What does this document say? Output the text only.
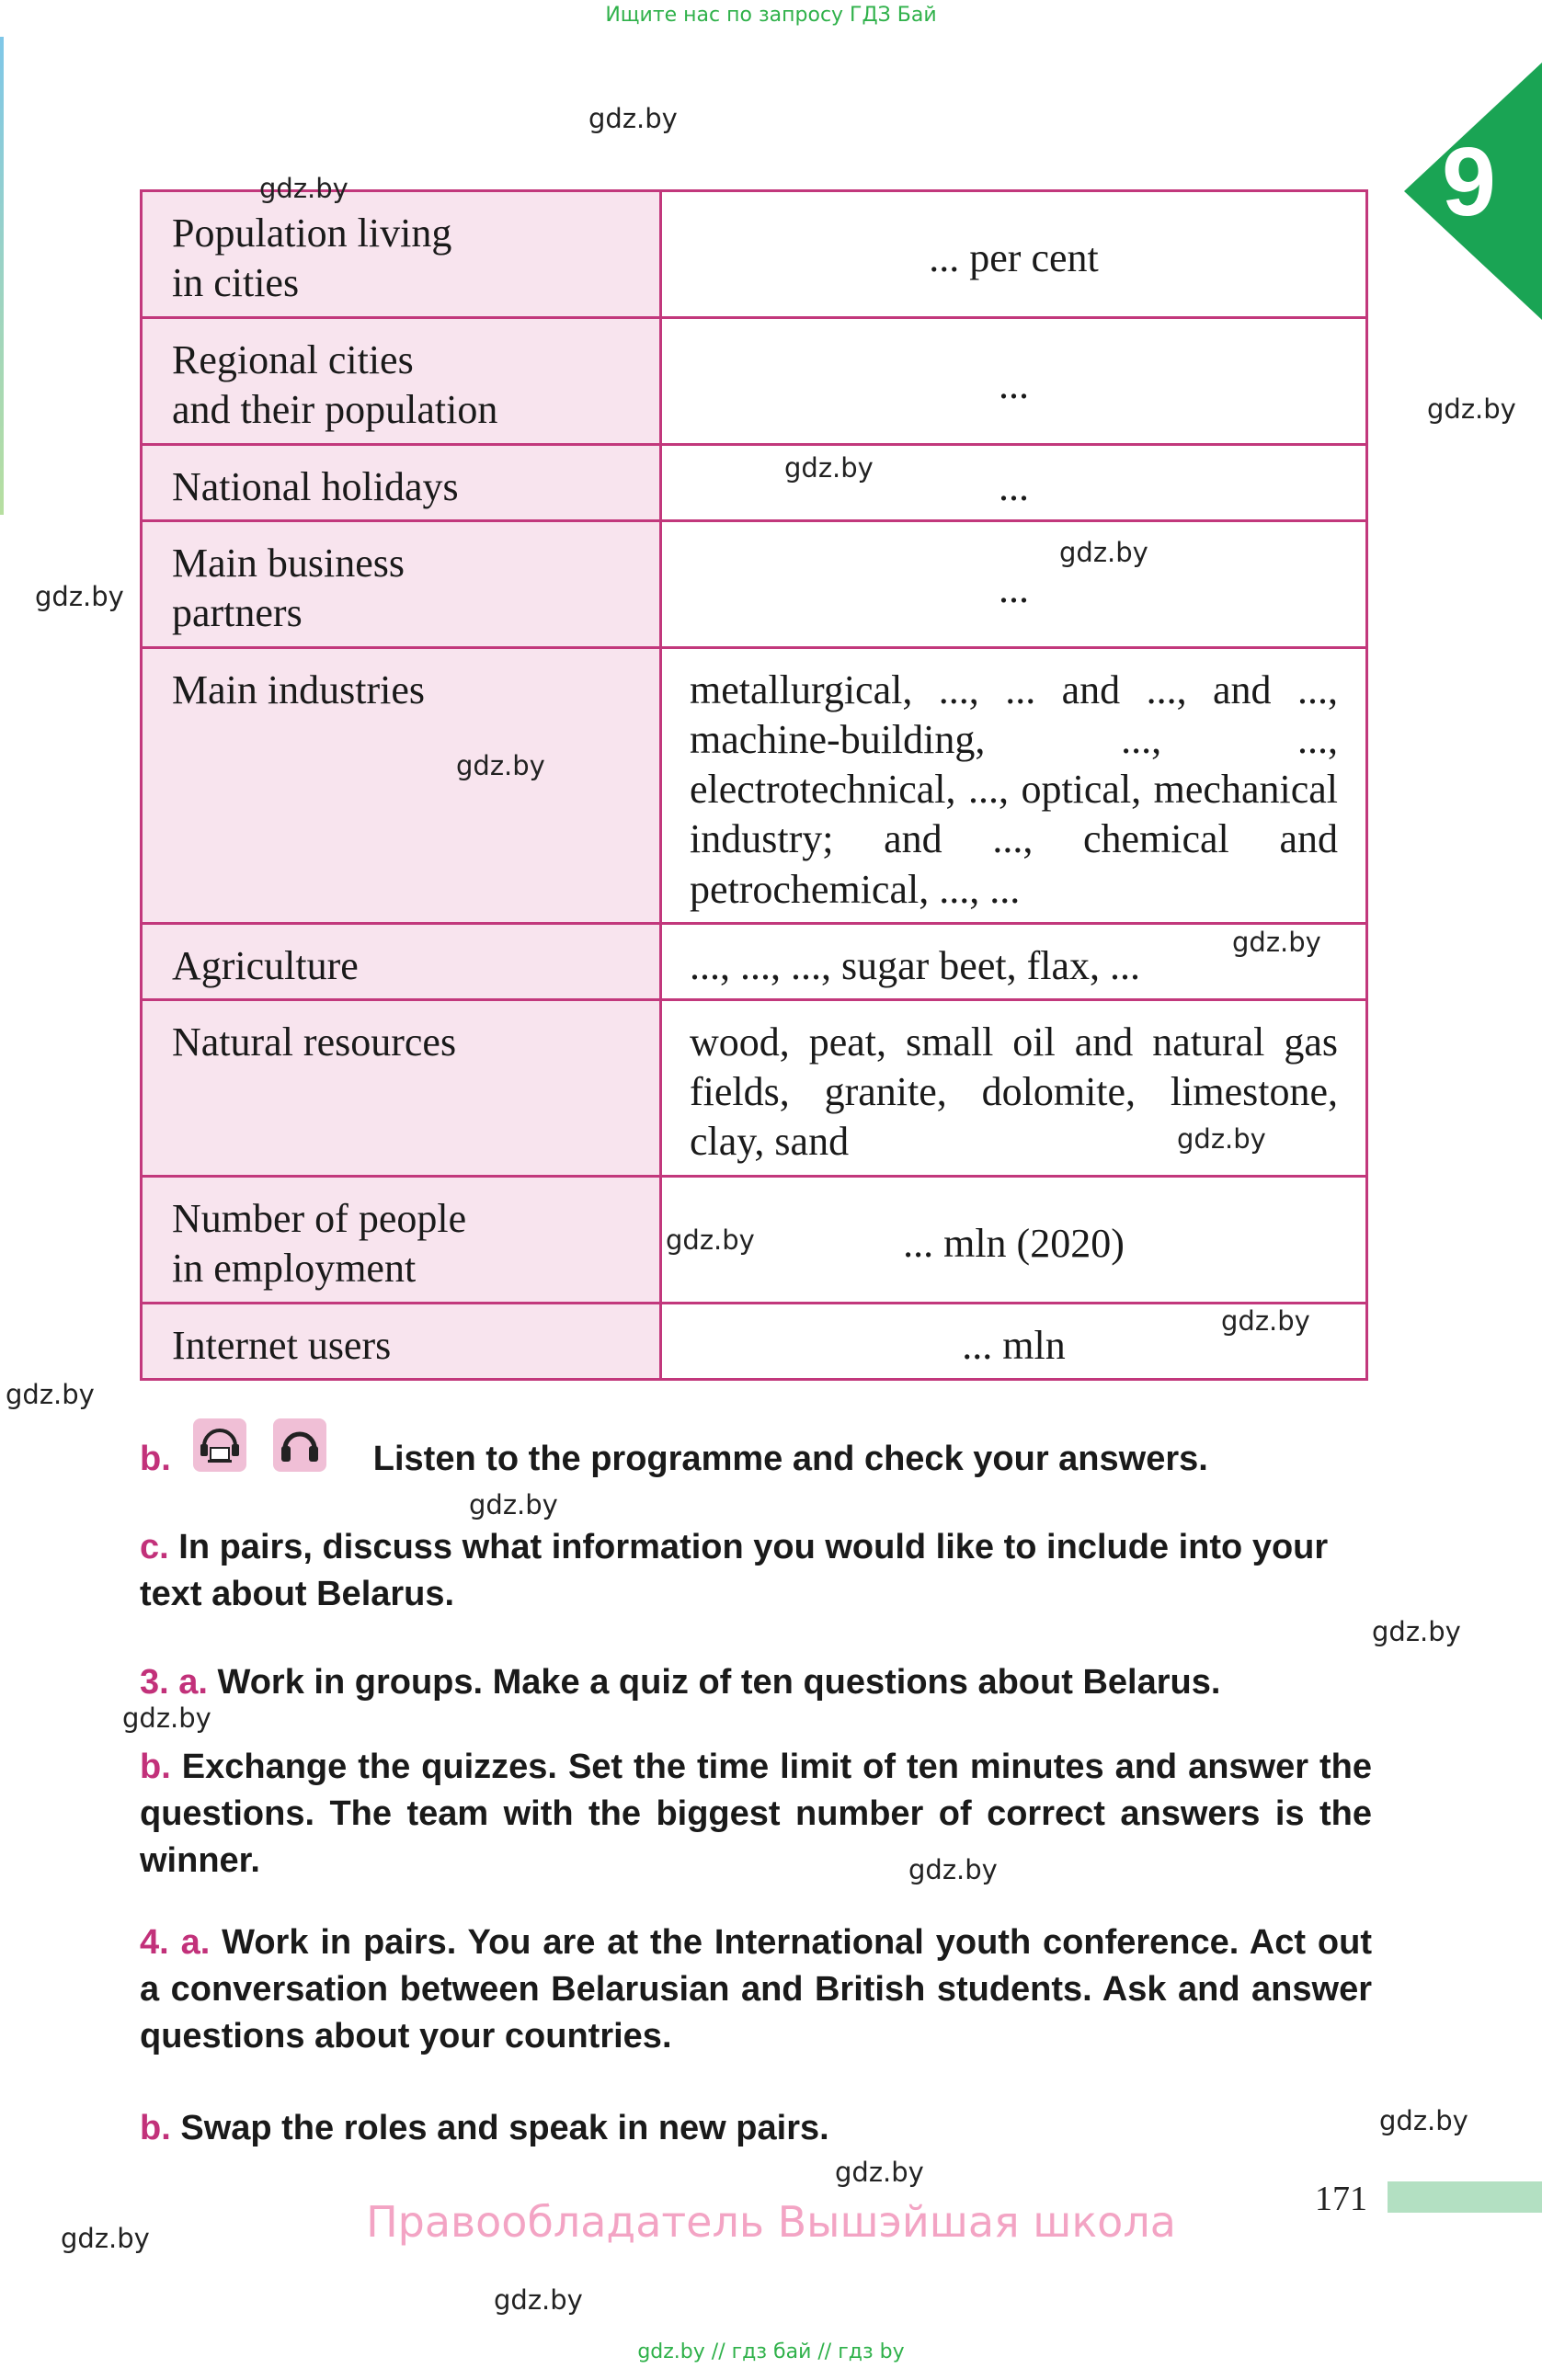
Ищите нас по запросу ГДЗ Бай
9
Population living
in cities	... per cent
Regional cities
and their population	...
National holidays	...
Main business
partners	...
Main industries	metallurgical, ..., ... and ..., and ..., machine-building, ..., ..., electrotechnical, ..., optical, mechanical industry; and ..., chemical and petrochemical, ..., ...
Agriculture	..., ..., ..., sugar beet, flax, ...
Natural resources	wood, peat, small oil and natural gas fields, granite, dolomite, limestone, clay, sand
Number of people
in employment	... mln (2020)
Internet users	... mln
b.	Listen to the programme and check your answers.
c. In pairs, discuss what information you would like to include into your text about Belarus.
3. a. Work in groups. Make a quiz of ten questions about Belarus.
b. Exchange the quizzes. Set the time limit of ten minutes and answer the questions. The team with the biggest number of correct answers is the winner.
4. a. Work in pairs. You are at the International youth conference. Act out a conversation between Belarusian and British students. Ask and answer questions about your countries.
b. Swap the roles and speak in new pairs.
171
Правообладатель Вышэйшая школа
gdz.by // гдз бай // гдз by
gdz.by
gdz.by
gdz.by
gdz.by
gdz.by
gdz.by
gdz.by
gdz.by
gdz.by
gdz.by
gdz.by
gdz.by
gdz.by
gdz.by
gdz.by
gdz.by
gdz.by
gdz.by
gdz.by
gdz.by
